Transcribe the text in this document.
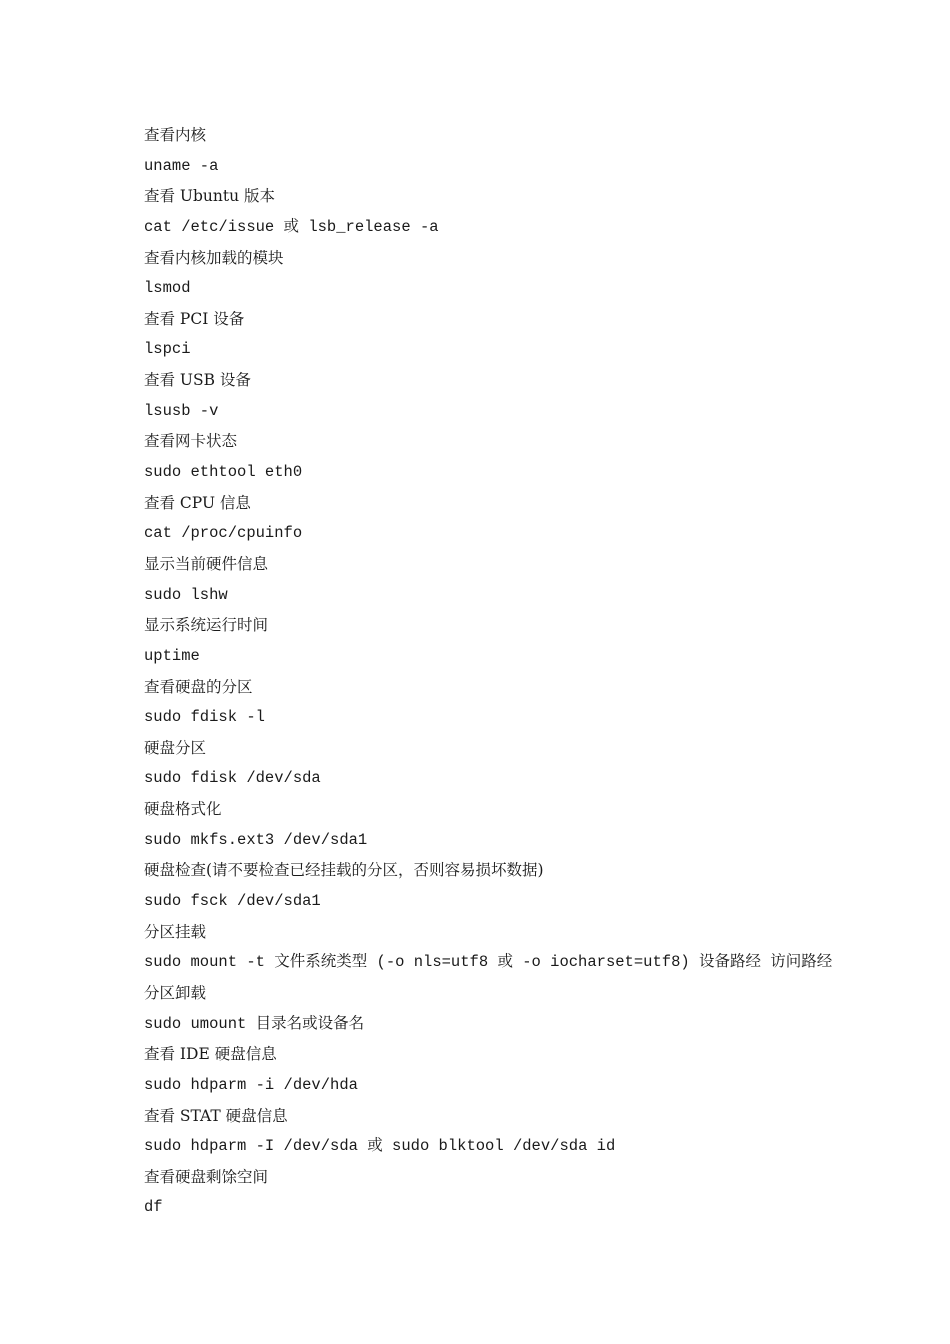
查看内核
uname -a
查看 Ubuntu 版本
cat /etc/issue 或 lsb_release -a
查看内核加载的模块
lsmod
查看 PCI 设备
lspci
查看 USB 设备
lsusb -v
查看网卡状态
sudo ethtool eth0
查看 CPU 信息
cat /proc/cpuinfo
显示当前硬件信息
sudo lshw
显示系统运行时间
uptime
查看硬盘的分区
sudo fdisk -l
硬盘分区
sudo fdisk /dev/sda
硬盘格式化
sudo mkfs.ext3 /dev/sda1
硬盘检查(请不要检查已经挂载的分区，否则容易损坏数据)
sudo fsck /dev/sda1
分区挂载
sudo mount -t 文件系统类型 (-o nls=utf8 或 -o iocharset=utf8) 设备路经 访问路经
分区卸载
sudo umount 目录名或设备名
查看 IDE 硬盘信息
sudo hdparm -i /dev/hda
查看 STAT 硬盘信息
sudo hdparm -I /dev/sda 或 sudo blktool /dev/sda id
查看硬盘剩馀空间
df
